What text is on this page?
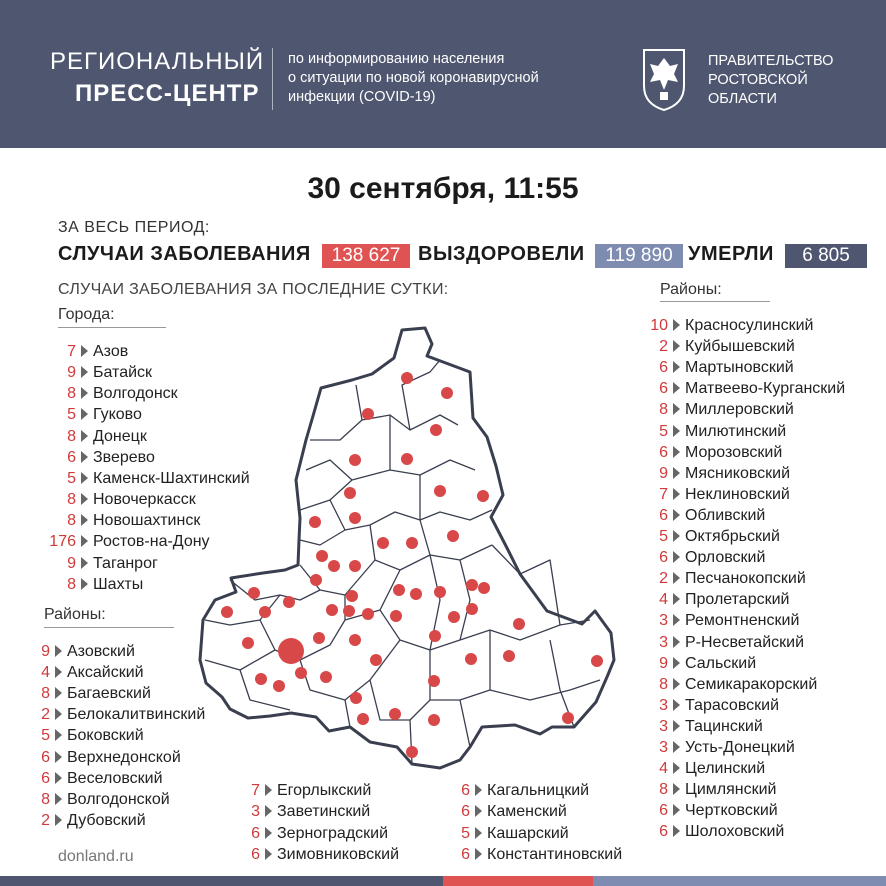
РЕГИОНАЛЬНЫЙ
ПРЕСС-ЦЕНТР
по информированию населения
о ситуации по новой коронавирусной
инфекции (COVID-19)
ПРАВИТЕЛЬСТВО
РОСТОВСКОЙ
ОБЛАСТИ
30 сентября, 11:55
ЗА ВЕСЬ ПЕРИОД:
СЛУЧАИ ЗАБОЛЕВАНИЯ	138 627 ВЫЗДОРОВЕЛИ	119 890 УМЕРЛИ	6 805
СЛУЧАИ ЗАБОЛЕВАНИЯ ЗА ПОСЛЕДНИЕ СУТКИ:
Города:
Районы:
Районы:
7 Азов
9 Батайск
8 Волгодонск
5 Гуково
8 Донецк
6 Зверево
5 Каменск-Шахтинский
8 Новочеркасск
8 Новошахтинск
176 Ростов-на-Дону
9 Таганрог
8 Шахты
9 Азовский
4 Аксайский
8 Багаевский
2 Белокалитвинский
5 Боковский
6 Верхнедонской
6 Веселовский
8 Волгодонской
2 Дубовский
7 Егорлыкский
3 Заветинский
6 Зерноградский
6 Зимовниковский
6 Кагальницкий
6 Каменский
5 Кашарский
6 Константиновский
10 Красносулинский
2 Куйбышевский
6 Мартыновский
6 Матвеево-Курганский
8 Миллеровский
5 Милютинский
6 Морозовский
9 Мясниковский
7 Неклиновский
6 Обливский
5 Октябрьский
6 Орловский
2 Песчанокопский
4 Пролетарский
3 Ремонтненский
3 Р-Несветайский
9 Сальский
8 Семикаракорский
3 Тарасовский
3 Тацинский
3 Усть-Донецкий
4 Целинский
8 Цимлянский
6 Чертковский
6 Шолоховский
donland.ru
